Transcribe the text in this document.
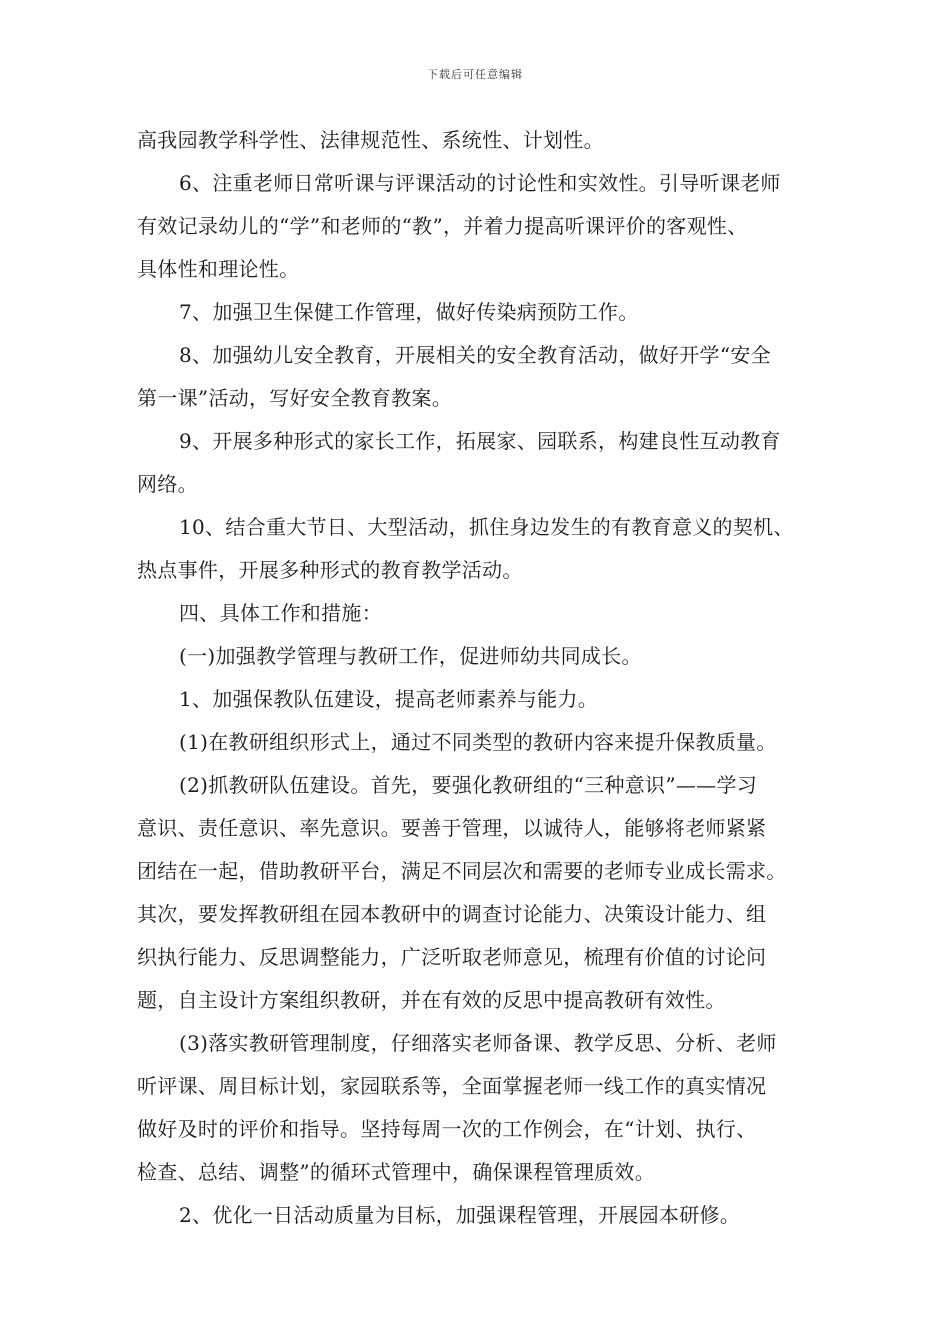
下载后可任意编辑
高我园教学科学性、法律规范性、系统性、计划性。
6、注重老师日常听课与评课活动的讨论性和实效性。引导听课老师
有效记录幼儿的“学”和老师的“教”，并着力提高听课评价的客观性、
具体性和理论性。
7、加强卫生保健工作管理，做好传染病预防工作。
8、加强幼儿安全教育，开展相关的安全教育活动，做好开学“安全
第一课”活动，写好安全教育教案。
9、开展多种形式的家长工作，拓展家、园联系，构建良性互动教育
网络。
10、结合重大节日、大型活动，抓住身边发生的有教育意义的契机、
热点事件，开展多种形式的教育教学活动。
四、具体工作和措施：
(一)加强教学管理与教研工作，促进师幼共同成长。
1、加强保教队伍建设，提高老师素养与能力。
(1)在教研组织形式上，通过不同类型的教研内容来提升保教质量。
(2)抓教研队伍建设。首先，要强化教研组的“三种意识”——学习
意识、责任意识、率先意识。要善于管理，以诚待人，能够将老师紧紧
团结在一起，借助教研平台，满足不同层次和需要的老师专业成长需求。
其次，要发挥教研组在园本教研中的调查讨论能力、决策设计能力、组
织执行能力、反思调整能力，广泛听取老师意见，梳理有价值的讨论问
题，自主设计方案组织教研，并在有效的反思中提高教研有效性。
(3)落实教研管理制度，仔细落实老师备课、教学反思、分析、老师
听评课、周目标计划，家园联系等，全面掌握老师一线工作的真实情况
做好及时的评价和指导。坚持每周一次的工作例会，在“计划、执行、
检查、总结、调整”的循环式管理中，确保课程管理质效。
2、优化一日活动质量为目标，加强课程管理，开展园本研修。
